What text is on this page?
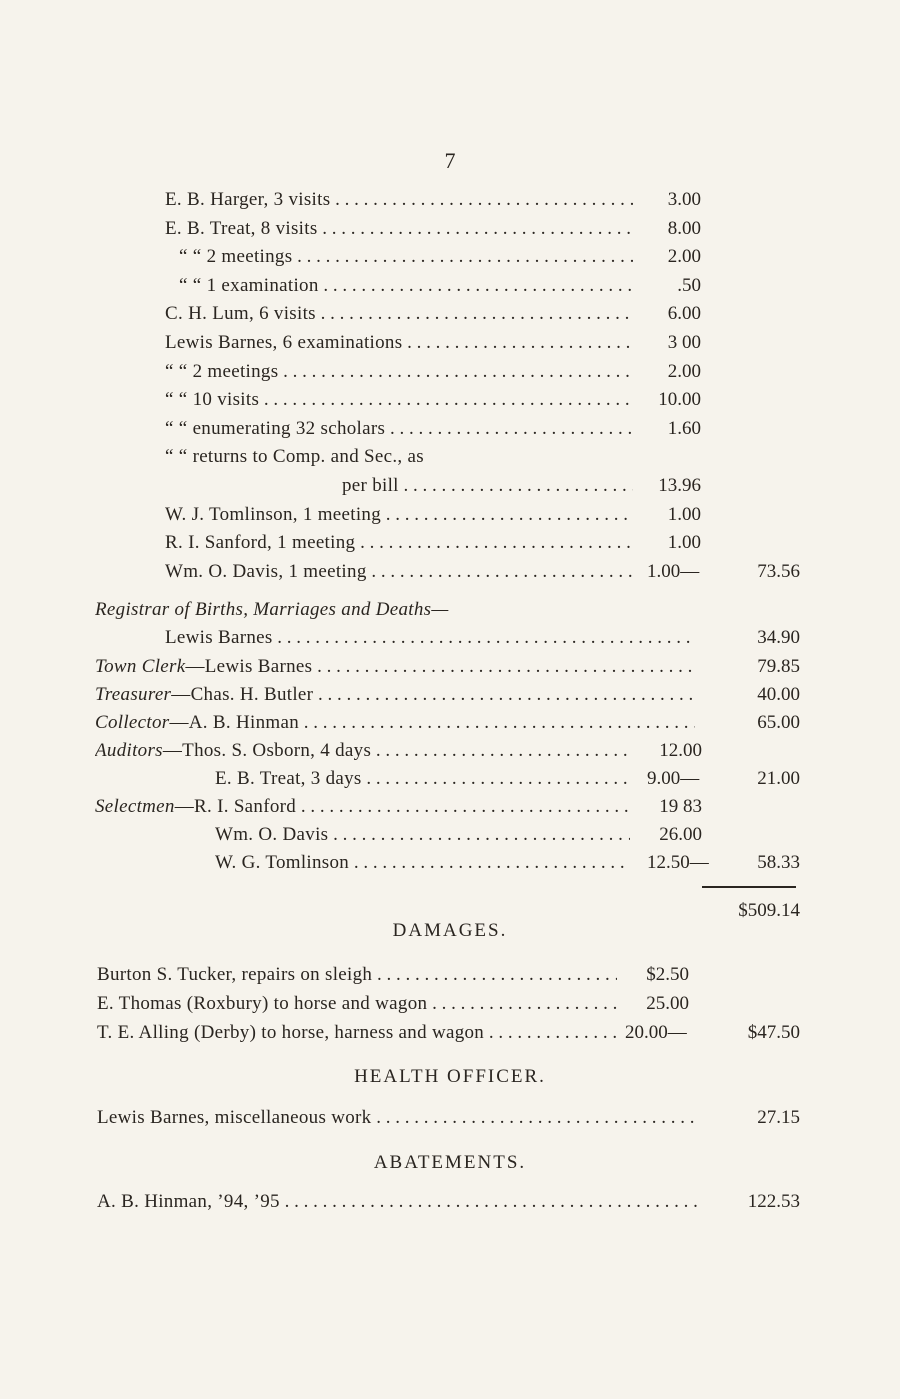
7
E. B. Harger, 3 visits . . .	3.00
E. B. Treat, 8 visits . . .	8.00
“ “ 2 meetings . . .	2.00
“ “ 1 examination . . .	.50
C. H. Lum, 6 visits . . .	6.00
Lewis Barnes, 6 examinations . . .	3 00
“ “ 2 meetings . . .	2.00
“ “ 10 visits . . .	10.00
“ “ enumerating 32 scholars . . .	1.60
“ “ returns to Comp. and Sec., as
per bill . . .	13.96
W. J. Tomlinson, 1 meeting . . .	1.00
R. I. Sanford, 1 meeting . . .	1.00
Wm. O. Davis, 1 meeting . . .	1.00—	73.56
Registrar of Births, Marriages and Deaths—
Lewis Barnes . . .	34.90
Town Clerk—Lewis Barnes . . .	79.85
Treasurer—Chas. H. Butler . . .	40.00
Collector—A. B. Hinman . . .	65.00
Auditors—Thos. S. Osborn, 4 days . . .	12.00
E. B. Treat, 3 days . . .	9.00—	21.00
Selectmen—R. I. Sanford . . .	19 83
Wm. O. Davis . . .	26.00
W. G. Tomlinson . . .	12.50—	58.33
$509.14
DAMAGES.
Burton S. Tucker, repairs on sleigh . . .	$2.50
E. Thomas (Roxbury) to horse and wagon . . .	25.00
T. E. Alling (Derby) to horse, harness and wagon . . .	20.00—	$47.50
HEALTH OFFICER.
Lewis Barnes, miscellaneous work . . .	27.15
ABATEMENTS.
A. B. Hinman, ’94, ’95 . . .	122.53
